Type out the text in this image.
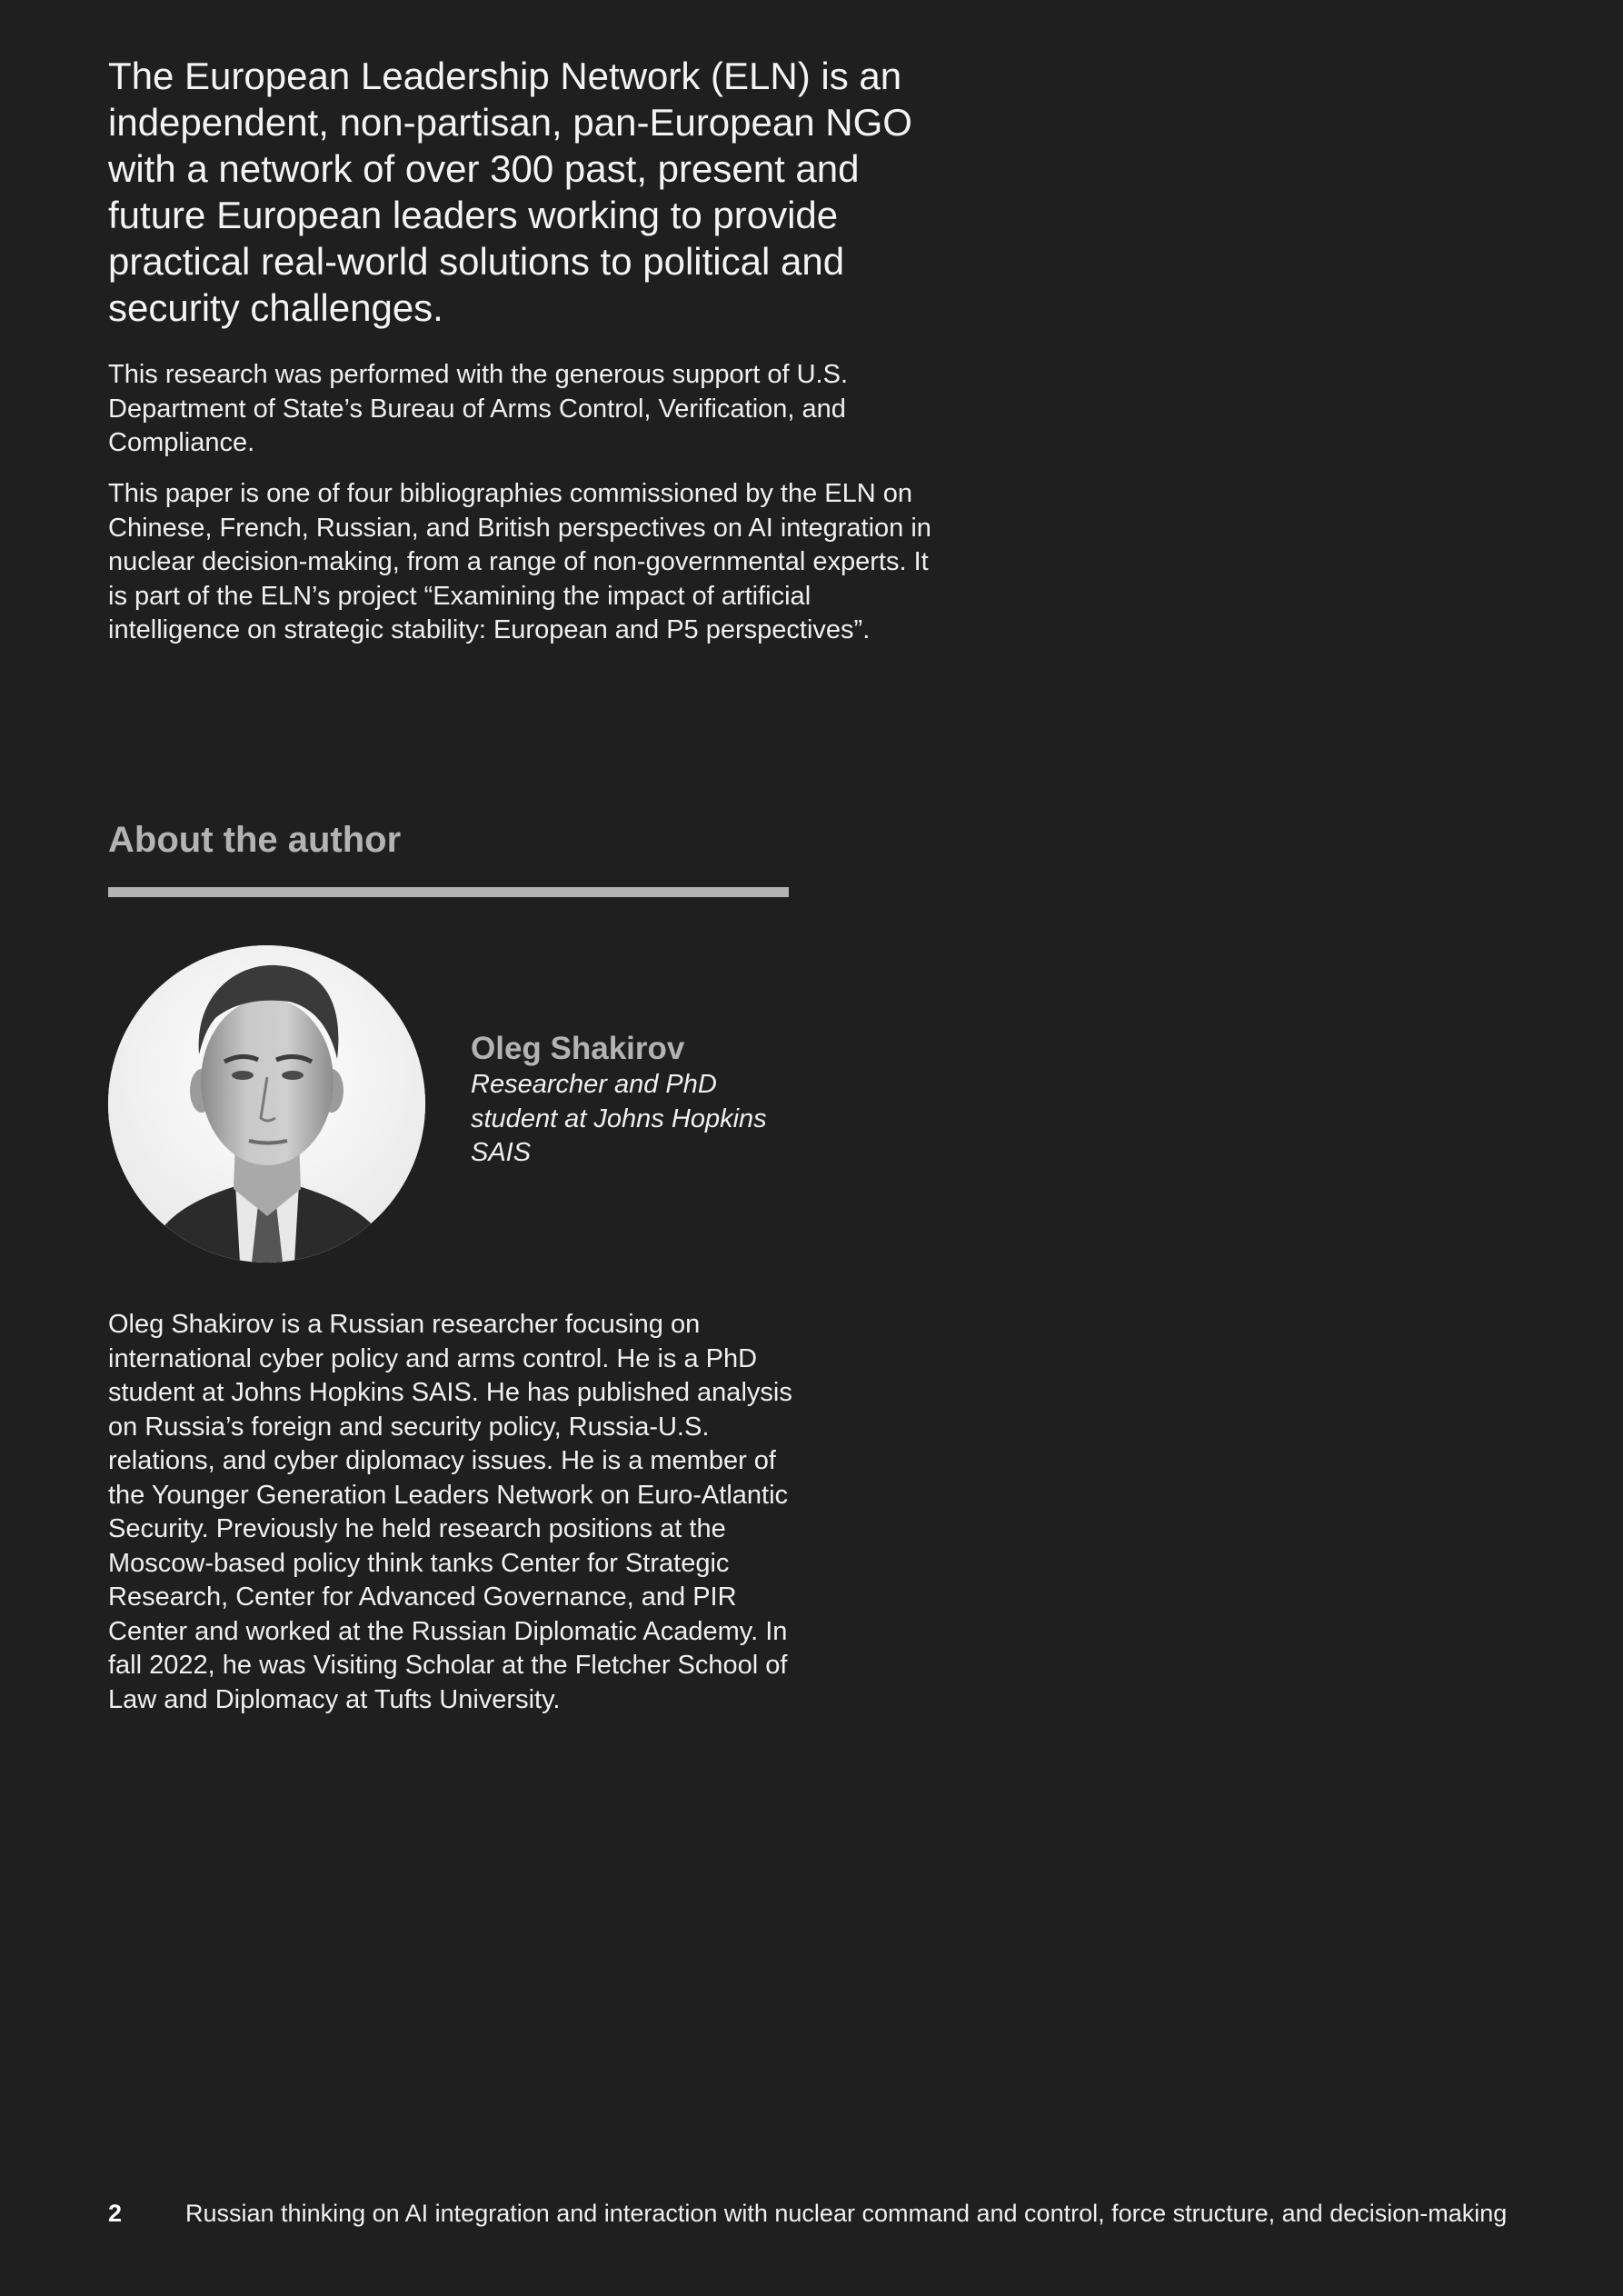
The European Leadership Network (ELN) is an independent, non-partisan, pan-European NGO with a network of over 300 past, present and future European leaders working to provide practical real-world solutions to political and security challenges.

This research was performed with the generous support of U.S. Department of State’s Bureau of Arms Control, Verification, and Compliance.

This paper is one of four bibliographies commissioned by the ELN on Chinese, French, Russian, and British perspectives on AI integration in nuclear decision-making, from a range of non-governmental experts. It is part of the ELN’s project “Examining the impact of artificial intelligence on strategic stability: European and P5 perspectives”.

About the author
Oleg Shakirov

Researcher and PhD student at Johns Hopkins SAIS

Oleg Shakirov is a Russian researcher focusing on international cyber policy and arms control. He is a PhD student at Johns Hopkins SAIS. He has published analysis on Russia’s foreign and security policy, Russia-U.S. relations, and cyber diplomacy issues. He is a member of the Younger Generation Leaders Network on Euro-Atlantic Security. Previously he held research positions at the Moscow-based policy think tanks Center for Strategic Research, Center for Advanced Governance, and PIR Center and worked at the Russian Diplomatic Academy. In fall 2022, he was Visiting Scholar at the Fletcher School of Law and Diplomacy at Tufts University.

2	Russian thinking on AI integration and interaction with nuclear command and control, force structure, and decision-making
